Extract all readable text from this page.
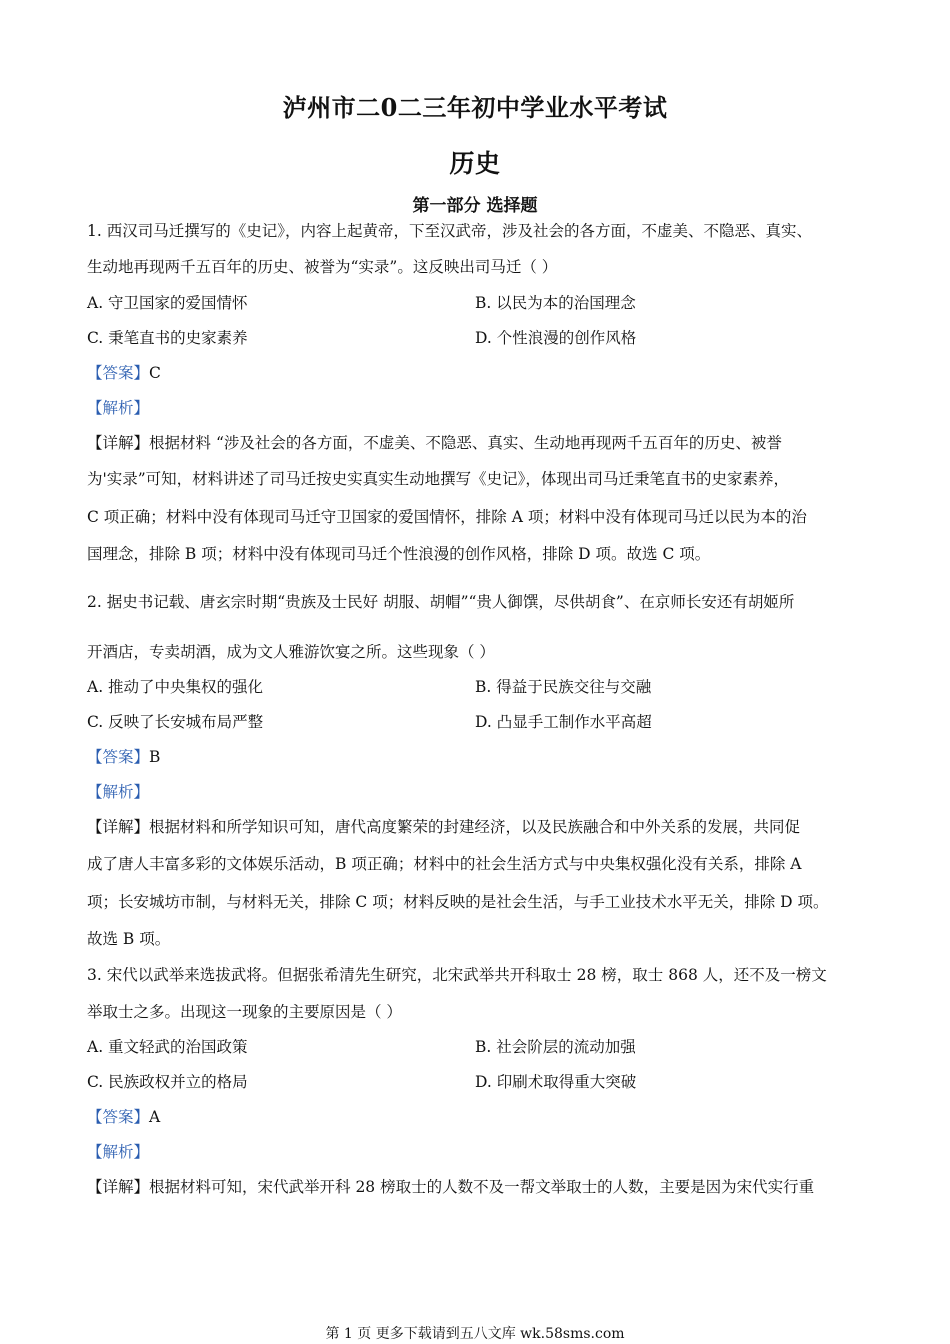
泸州市二0二三年初中学业水平考试
历史
第一部分 选择题
1. 西汉司马迁撰写的《史记》，内容上起黄帝，下至汉武帝，涉及社会的各方面，不虚美、不隐恶、真实、
生动地再现两千五百年的历史、被誉为“实录”。这反映出司马迁（ ）
A. 守卫国家的爱国情怀	B. 以民为本的治国理念
C. 秉笔直书的史家素养	D. 个性浪漫的创作风格
【答案】C
【解析】
【详解】根据材料 “涉及社会的各方面，不虚美、不隐恶、真实、生动地再现两千五百年的历史、被誉
为'实录”可知，材料讲述了司马迁按史实真实生动地撰写《史记》，体现出司马迁秉笔直书的史家素养，
C 项正确；材料中没有体现司马迁守卫国家的爱国情怀，排除 A 项；材料中没有体现司马迁以民为本的治
国理念，排除 B 项；材料中没有体现司马迁个性浪漫的创作风格，排除 D 项。故选 C 项。
2. 据史书记载、唐玄宗时期“贵族及士民好 胡服、胡帽”“贵人御馔，尽供胡食”、在京师长安还有胡姬所
开酒店，专卖胡酒，成为文人雅游饮宴之所。这些现象（ ）
A. 推动了中央集权的强化	B. 得益于民族交往与交融
C. 反映了长安城布局严整	D. 凸显手工制作水平高超
【答案】B
【解析】
【详解】根据材料和所学知识可知，唐代高度繁荣的封建经济，以及民族融合和中外关系的发展，共同促
成了唐人丰富多彩的文体娱乐活动，B 项正确；材料中的社会生活方式与中央集权强化没有关系，排除 A
项；长安城坊市制，与材料无关，排除 C 项；材料反映的是社会生活，与手工业技术水平无关，排除 D 项。
故选 B 项。
3. 宋代以武举来选拔武将。但据张希清先生研究，北宋武举共开科取士 28 榜，取士 868 人，还不及一榜文
举取士之多。出现这一现象的主要原因是（ ）
A. 重文轻武的治国政策	B. 社会阶层的流动加强
C. 民族政权并立的格局	D. 印刷术取得重大突破
【答案】A
【解析】
【详解】根据材料可知，宋代武举开科 28 榜取士的人数不及一帮文举取士的人数，主要是因为宋代实行重
第 1 页 更多下载请到五八文库 wk.58sms.com
